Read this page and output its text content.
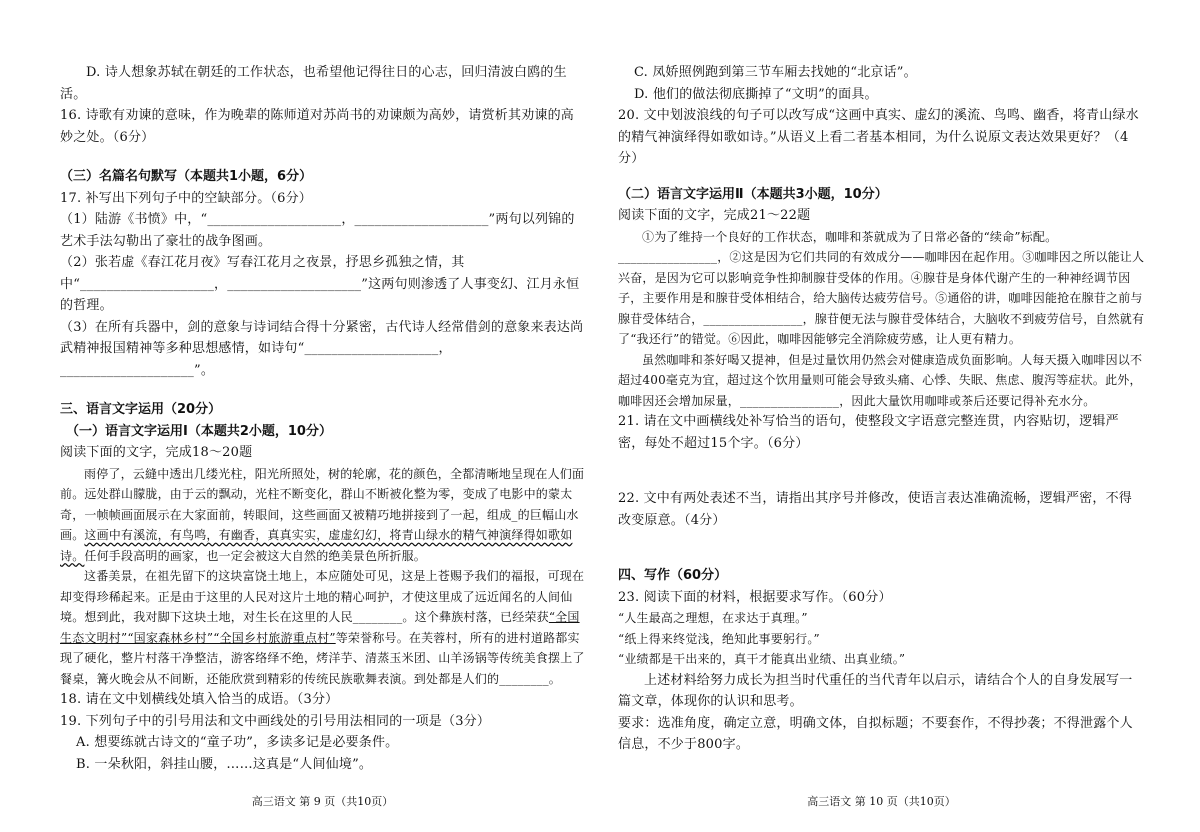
D. 诗人想象苏轼在朝廷的工作状态，也希望他记得往日的心志，回归清波白鸥的生活。

16. 诗歌有劝谏的意味，作为晚辈的陈师道对苏尚书的劝谏颇为高妙，请赏析其劝谏的高妙之处。（6分）

（三）名篇名句默写（本题共1小题，6分）

17. 补写出下列句子中的空缺部分。（6分）

（1）陆游《书愤》中，“____________________，____________________”两句以列锦的艺术手法勾勒出了豪壮的战争图画。

（2）张若虚《春江花月夜》写春江花月之夜景，抒思乡孤独之情，其中“____________________，____________________”这两句则渗透了人事变幻、江月永恒的哲理。

（3）在所有兵器中，剑的意象与诗词结合得十分紧密，古代诗人经常借剑的意象来表达尚武精神报国精神等多种思想感情，如诗句“____________________，____________________”。

三、语言文字运用（20分）

（一）语言文字运用Ⅰ（本题共2小题，10分）

阅读下面的文字，完成18～20题

雨停了，云縫中透出几缕光柱，阳光所照处，树的轮廓，花的颜色，全都清晰地呈现在人们面前。远处群山朦胧，由于云的飘动，光柱不断变化，群山不断被化整为零，变成了电影中的蒙太奇，一帧帧画面展示在大家面前，转眼间，这些画面又被精巧地拼接到了一起，组成_的巨幅山水画。这画中有溪流，有鸟鸣，有幽香，真真实实，虚虚幻幻，将青山绿水的精气神演绎得如歌如诗。任何手段高明的画家，也一定会被这大自然的绝美景色所折服。

这番美景，在祖先留下的这块富饶土地上，本应随处可见，这是上苍赐予我们的福报，可现在却变得珍稀起来。正是由于这里的人民对这片土地的精心呵护，才使这里成了远近闻名的人间仙境。想到此，我对脚下这块土地，对生长在这里的人民________。这个彝族村落，已经荣获“全国生态文明村”“国家森林乡村”“全国乡村旅游重点村”等荣誉称号。在芙蓉村，所有的进村道路都实现了硬化，整片村落干净整洁，游客络绎不绝，烤洋芋、清蒸玉米团、山羊汤锅等传统美食摆上了餐桌，篝火晚会从不间断，还能欣赏到精彩的传统民族歌舞表演。到处都是人们的________。

18. 请在文中划横线处填入恰当的成语。（3分）

19. 下列句子中的引号用法和文中画线处的引号用法相同的一项是（3分）

A. 想要练就古诗文的“童子功”，多读多记是必要条件。

B. 一朵秋阳，斜挂山腰，……这真是“人间仙境”。

高三语文 第 9 页（共10页）

C. 凤娇照例跑到第三节车厢去找她的“北京话”。

D. 他们的做法彻底撕掉了“文明”的面具。

20. 文中划波浪线的句子可以改写成“这画中真实、虚幻的溪流、鸟鸣、幽香，将青山绿水的精气神演绎得如歌如诗。”从语义上看二者基本相同，为什么说原文表达效果更好？（4分）

（二）语言文字运用Ⅱ（本题共3小题，10分）

阅读下面的文字，完成21～22题

①为了维持一个良好的工作状态，咖啡和茶就成为了日常必备的“续命”标配。________________，②这是因为它们共同的有效成分——咖啡因在起作用。③咖啡因之所以能让人兴奋，是因为它可以影响竞争性抑制腺苷受体的作用。④腺苷是身体代谢产生的一种神经调节因子，主要作用是和腺苷受体相结合，给大脑传达疲劳信号。⑤通俗的讲，咖啡因能抢在腺苷之前与腺苷受体结合，________________，腺苷便无法与腺苷受体结合，大脑收不到疲劳信号，自然就有了“我还行”的错觉。⑥因此，咖啡因能够完全消除疲劳感，让人更有精力。

虽然咖啡和茶好喝又提神，但是过量饮用仍然会对健康造成负面影响。人每天摄入咖啡因以不超过400毫克为宜，超过这个饮用量则可能会导致头痛、心悸、失眠、焦虑、腹泻等症状。此外，咖啡因还会增加尿量，________________，因此大量饮用咖啡或茶后还要记得补充水分。

21. 请在文中画横线处补写恰当的语句，使整段文字语意完整连贯，内容贴切，逻辑严密，每处不超过15个字。（6分）

22. 文中有两处表述不当，请指出其序号并修改，使语言表达准确流畅，逻辑严密，不得改变原意。（4分）

四、写作（60分）

23. 阅读下面的材料，根据要求写作。（60分）

“人生最高之理想，在求达于真理。”

“纸上得来终觉浅，绝知此事要躬行。”

“业绩都是干出来的，真干才能真出业绩、出真业绩。”

上述材料给努力成长为担当时代重任的当代青年以启示，请结合个人的自身发展写一篇文章，体现你的认识和思考。

要求：选准角度，确定立意，明确文体，自拟标题；不要套作，不得抄袭；不得泄露个人信息，不少于800字。

高三语文 第 10 页（共10页）
